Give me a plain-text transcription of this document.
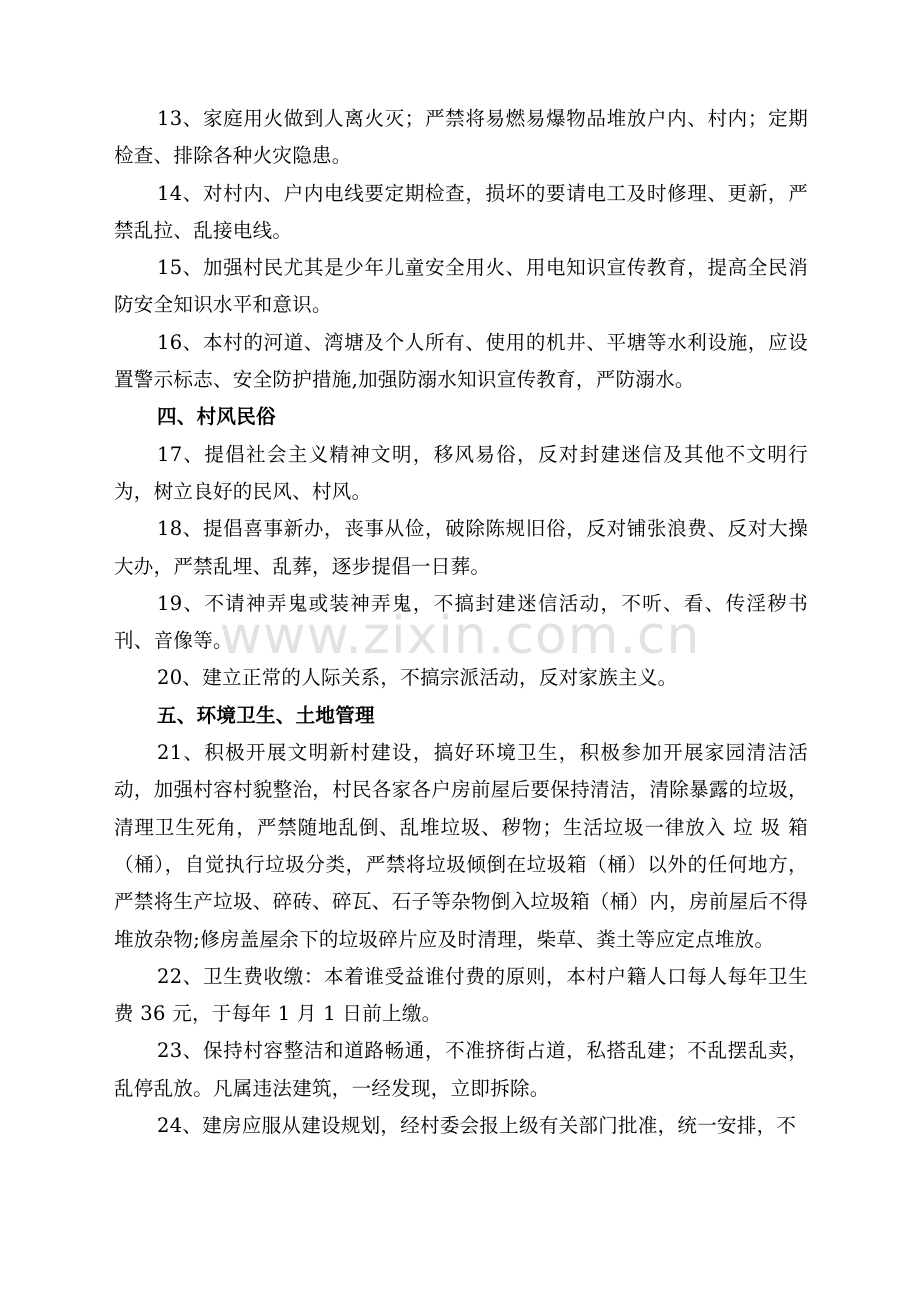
13、家庭用火做到人离火灭；严禁将易燃易爆物品堆放户内、村内；定期检查、排除各种火灾隐患。

14、对村内、户内电线要定期检查，损坏的要请电工及时修理、更新，严禁乱拉、乱接电线。

15、加强村民尤其是少年儿童安全用火、用电知识宣传教育，提高全民消防安全知识水平和意识。

16、本村的河道、湾塘及个人所有、使用的机井、平塘等水利设施，应设置警示标志、安全防护措施,加强防溺水知识宣传教育，严防溺水。

四、村风民俗

17、提倡社会主义精神文明，移风易俗，反对封建迷信及其他不文明行为，树立良好的民风、村风。

18、提倡喜事新办，丧事从俭，破除陈规旧俗，反对铺张浪费、反对大操大办，严禁乱埋、乱葬，逐步提倡一日葬。

19、不请神弄鬼或装神弄鬼，不搞封建迷信活动，不听、看、传淫秽书刊、音像等。

20、建立正常的人际关系，不搞宗派活动，反对家族主义。

五、环境卫生、土地管理

21、积极开展文明新村建设，搞好环境卫生，积极参加开展家园清洁活动，加强村容村貌整治，村民各家各户房前屋后要保持清洁，清除暴露的垃圾，清理卫生死角，严禁随地乱倒、乱堆垃圾、秽物；生活垃圾一律放入 垃 圾 箱（桶），自觉执行垃圾分类，严禁将垃圾倾倒在垃圾箱（桶）以外的任何地方，严禁将生产垃圾、碎砖、碎瓦、石子等杂物倒入垃圾箱（桶）内，房前屋后不得堆放杂物;修房盖屋余下的垃圾碎片应及时清理，柴草、粪土等应定点堆放。

22、卫生费收缴：本着谁受益谁付费的原则，本村户籍人口每人每年卫生费 36 元，于每年 1 月 1 日前上缴。

23、保持村容整洁和道路畅通，不准挤街占道，私搭乱建；不乱摆乱卖，乱停乱放。凡属违法建筑，一经发现，立即拆除。

24、建房应服从建设规划，经村委会报上级有关部门批准，统一安排，不

www.zixin.com.cn
